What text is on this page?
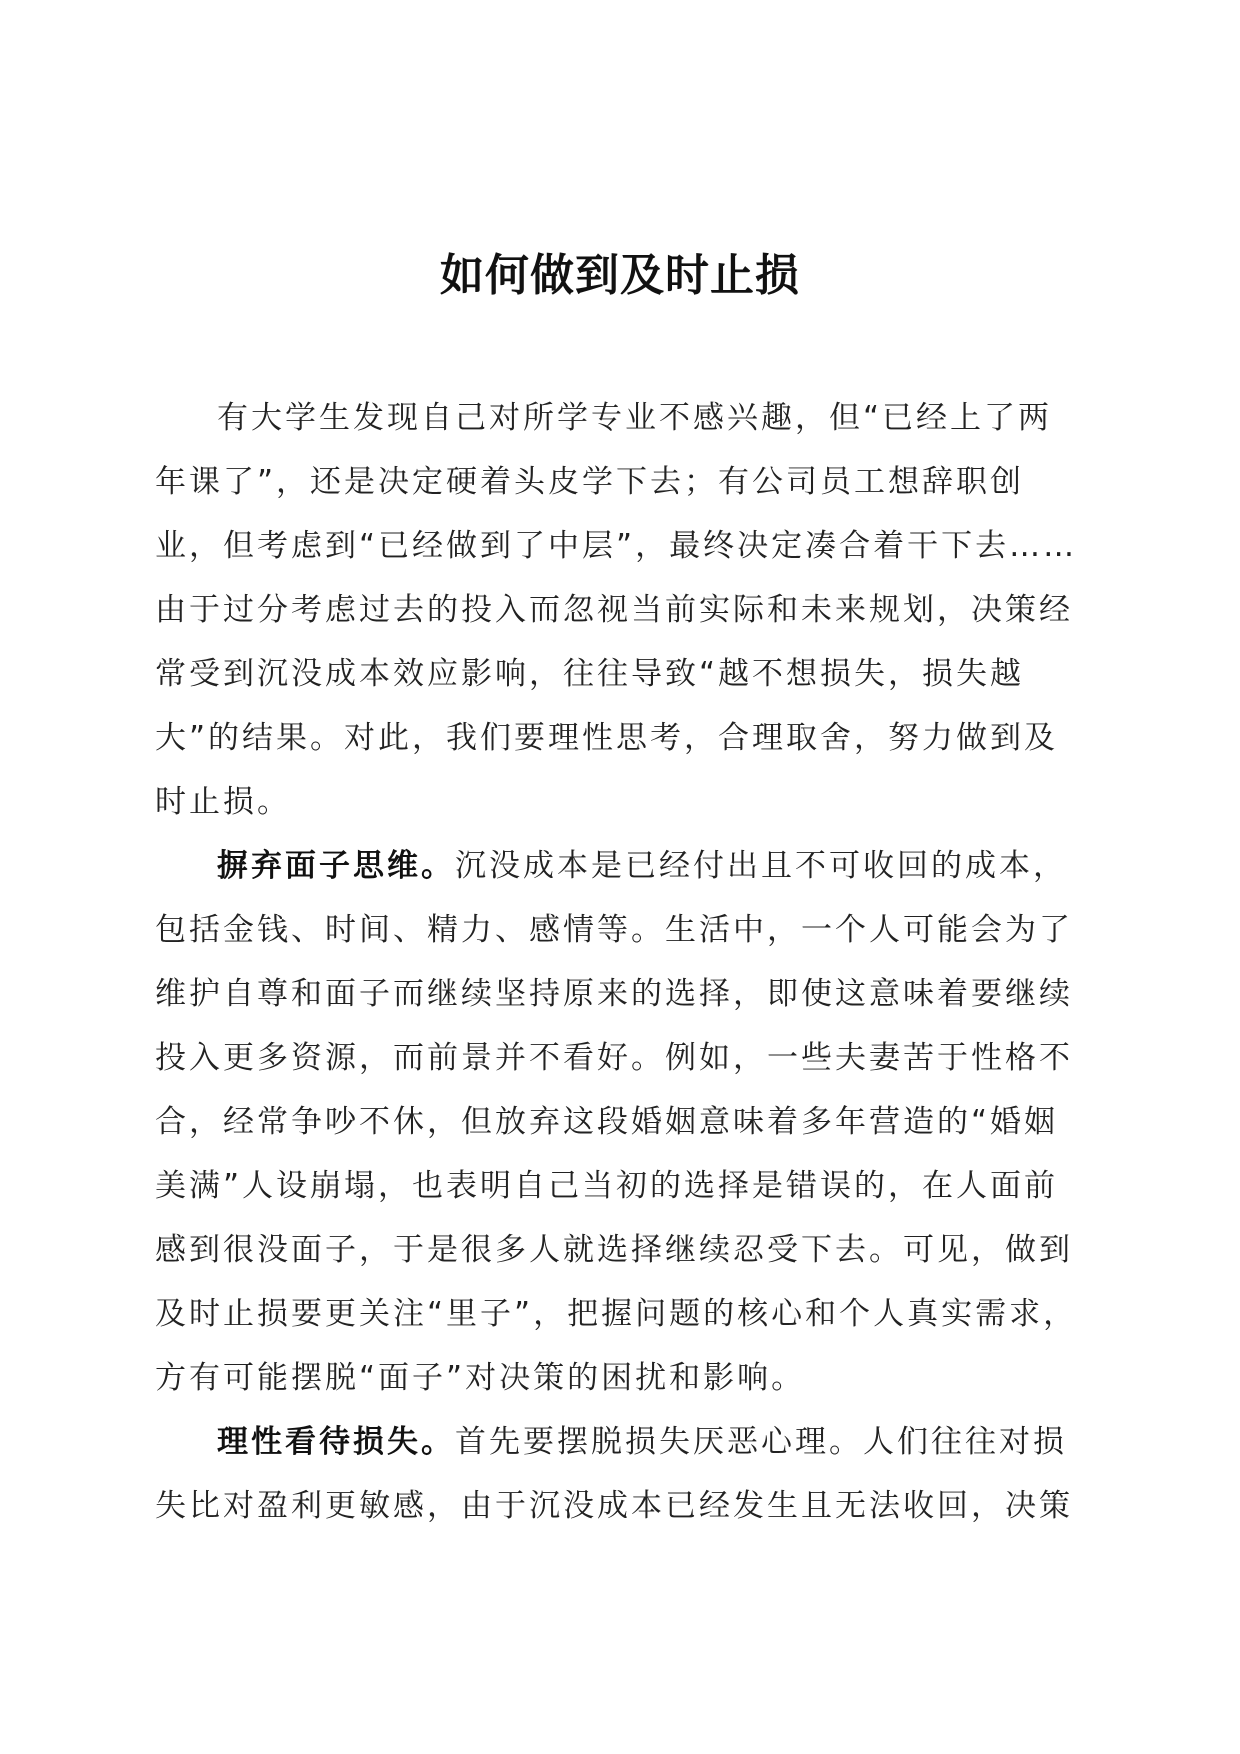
如何做到及时止损

有大学生发现自己对所学专业不感兴趣，但“已经上了两年课了”，还是决定硬着头皮学下去；有公司员工想辞职创业，但考虑到“已经做到了中层”，最终决定凑合着干下去……由于过分考虑过去的投入而忽视当前实际和未来规划，决策经常受到沉没成本效应影响，往往导致“越不想损失，损失越大”的结果。对此，我们要理性思考，合理取舍，努力做到及时止损。

摒弃面子思维。沉没成本是已经付出且不可收回的成本，包括金钱、时间、精力、感情等。生活中，一个人可能会为了维护自尊和面子而继续坚持原来的选择，即使这意味着要继续投入更多资源，而前景并不看好。例如，一些夫妻苦于性格不合，经常争吵不休，但放弃这段婚姻意味着多年营造的“婚姻美满”人设崩塌，也表明自己当初的选择是错误的，在人面前感到很没面子，于是很多人就选择继续忍受下去。可见，做到及时止损要更关注“里子”，把握问题的核心和个人真实需求，方有可能摆脱“面子”对决策的困扰和影响。

理性看待损失。首先要摆脱损失厌恶心理。人们往往对损失比对盈利更敏感，由于沉没成本已经发生且无法收回，决策
